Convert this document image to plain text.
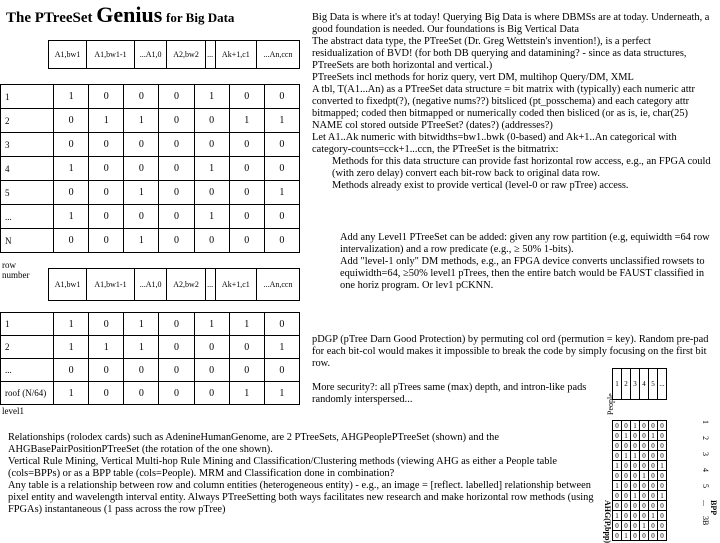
The PTreeSet Genius for Big Data
	A1,bw1	A1,bw1-1	...A1,0	A2,bw2	...	Ak+1,c1	...An,ccn
row number
	A1,bw1	A1,bw1-1	...A1,0	A2,bw2	...	Ak+1,c1	...An,ccn
level1
Big Data is where it's at today! Querying Big Data is where DBMSs are at today. Underneath, a good foundation is needed. Our foundations is Big Vertical Data
The abstract data type, the PTreeSet (Dr. Greg Wettstein's invention!), is a perfect residualization of BVD! (for both DB querying and datamining? - since as data structures, PTreeSets are both horizontal and vertical.)
PTreeSets incl methods for horiz query, vert DM, multihop Query/DM, XML
A tbl, T(A1...An) as a PTreeSet data structure = bit matrix with (typically) each numeric attr converted to fixedpt(?), (negative nums??) bitsliced (pt_posschema) and each category attr bitmapped; coded then bitmapped or numerically coded then bisliced (or as is, ie, char(25) NAME col stored outside PTreeSet? (dates?) (addresses?)
Let A1..Ak numeric with bitwidths=bw1..bwk (0-based) and Ak+1..An categorical with category-counts=cck+1...ccn, the PTreeSet is the bitmatrix:
Methods for this data structure can provide fast horizontal row access, e.g., an FPGA could (with zero delay) convert each bit-row back to original data row.
Methods already exist to provide vertical (level-0 or raw pTree) access.
Add any Level1 PTreeSet can be added: given any row partition (e.g, equiwidth =64 row intervalization) and a row predicate (e.g., ≥ 50% 1-bits).
Add "level-1 only" DM methods, e.g., an FPGA device converts unclassified rowsets to equiwidth=64, ≥50% level1 pTrees, then the entire batch would be FAUST classified in one horiz program. Or lev1 pCKNN.
pDGP (pTree Darn Good Protection) by permuting col ord (permution = key). Random pre-pad for each bit-col would makes it impossible to break the code by simply focusing on the first bit row.
More security?: all pTrees same (max) depth, and intron-like pads randomly interspersed...
Relationships (rolodex cards) such as AdenineHumanGenome, are 2 PTreeSets, AHGPeoplePTreeSet (shown) and the AHGBasePairPositionPTreeSet (the rotation of the one shown).
Vertical Rule Mining, Vertical Multi-hop Rule Mining and Classification/Clustering methods (viewing AHG as either a People table (cols=BPPs) or as a BPP table (cols=People). MRM and Classification done in combination?
Any table is a relationship between row and column entities (heterogeneous entity) - e.g., an image = [reflect. labelled] relationship between pixel entity and wavelength interval entity. Always PTreeSetting both ways facilitates new research and make horizontal row methods (using FPGAs) instantaneous (1 pass across the row pTree)
People
AHG(P,bpp)	BPP
1	2	3	4	5	...
0	0	1	0	0	0
0	1	0	0	1	0
0	0	0	0	0	0
0	1	1	0	0	0
1	0	0	0	0	1
0	0	0	1	0	0
1	0	0	0	0	0
0	0	1	0	0	1
0	0	0	0	0	0
1	0	0	0	1	0
0	0	0	1	0	0
0	1	0	0	0	0
1	1	0	0	0	1	0	0
2	0	1	1	0	0	1	1
3	0	0	0	0	0	0	0
4	1	0	0	0	1	0	0
5	0	0	1	0	0	0	1
...	1	0	0	0	1	0	0
N	0	0	1	0	0	0	0
1	1	0	1	0	1	1	0
2	1	1	1	0	0	0	1
...	0	0	0	0	0	0	0
roof (N/64)	1	0	0	0	0	1	1
1
2
3
4
5
...
3B
